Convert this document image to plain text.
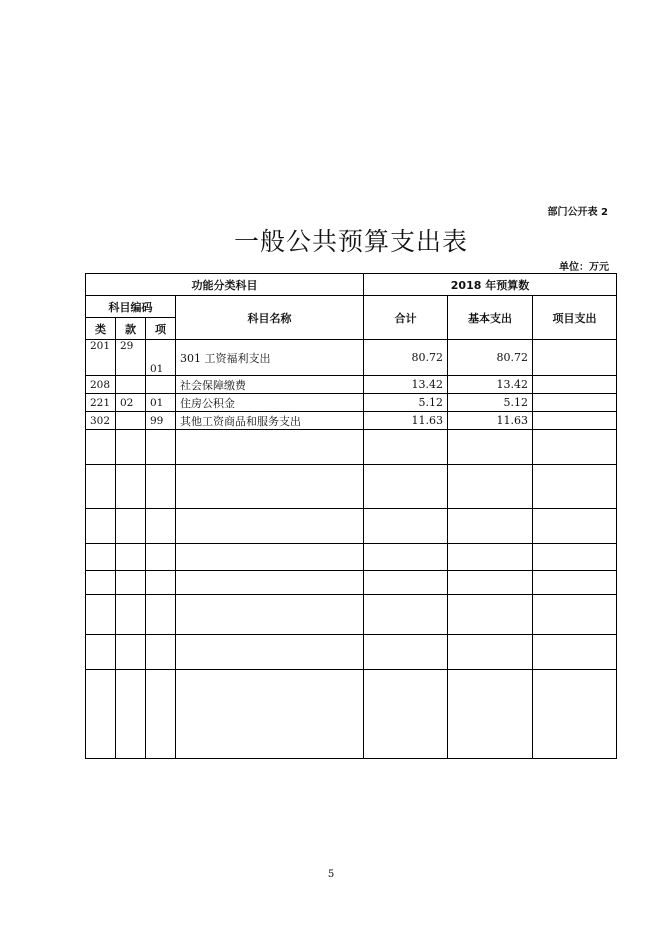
部门公开表 2
一般公共预算支出表
单位：万元
功能分类科目				2018 年预算数		
科目编码			科目名称	合计	基本支出	项目支出
类	款	项				
201	29	01	301 工资福利支出	80.72	80.72	
208			社会保障缴费	13.42	13.42	
221	02	01	住房公积金	5.12	5.12	
302		99	其他工资商品和服务支出	11.63	11.63	

5
